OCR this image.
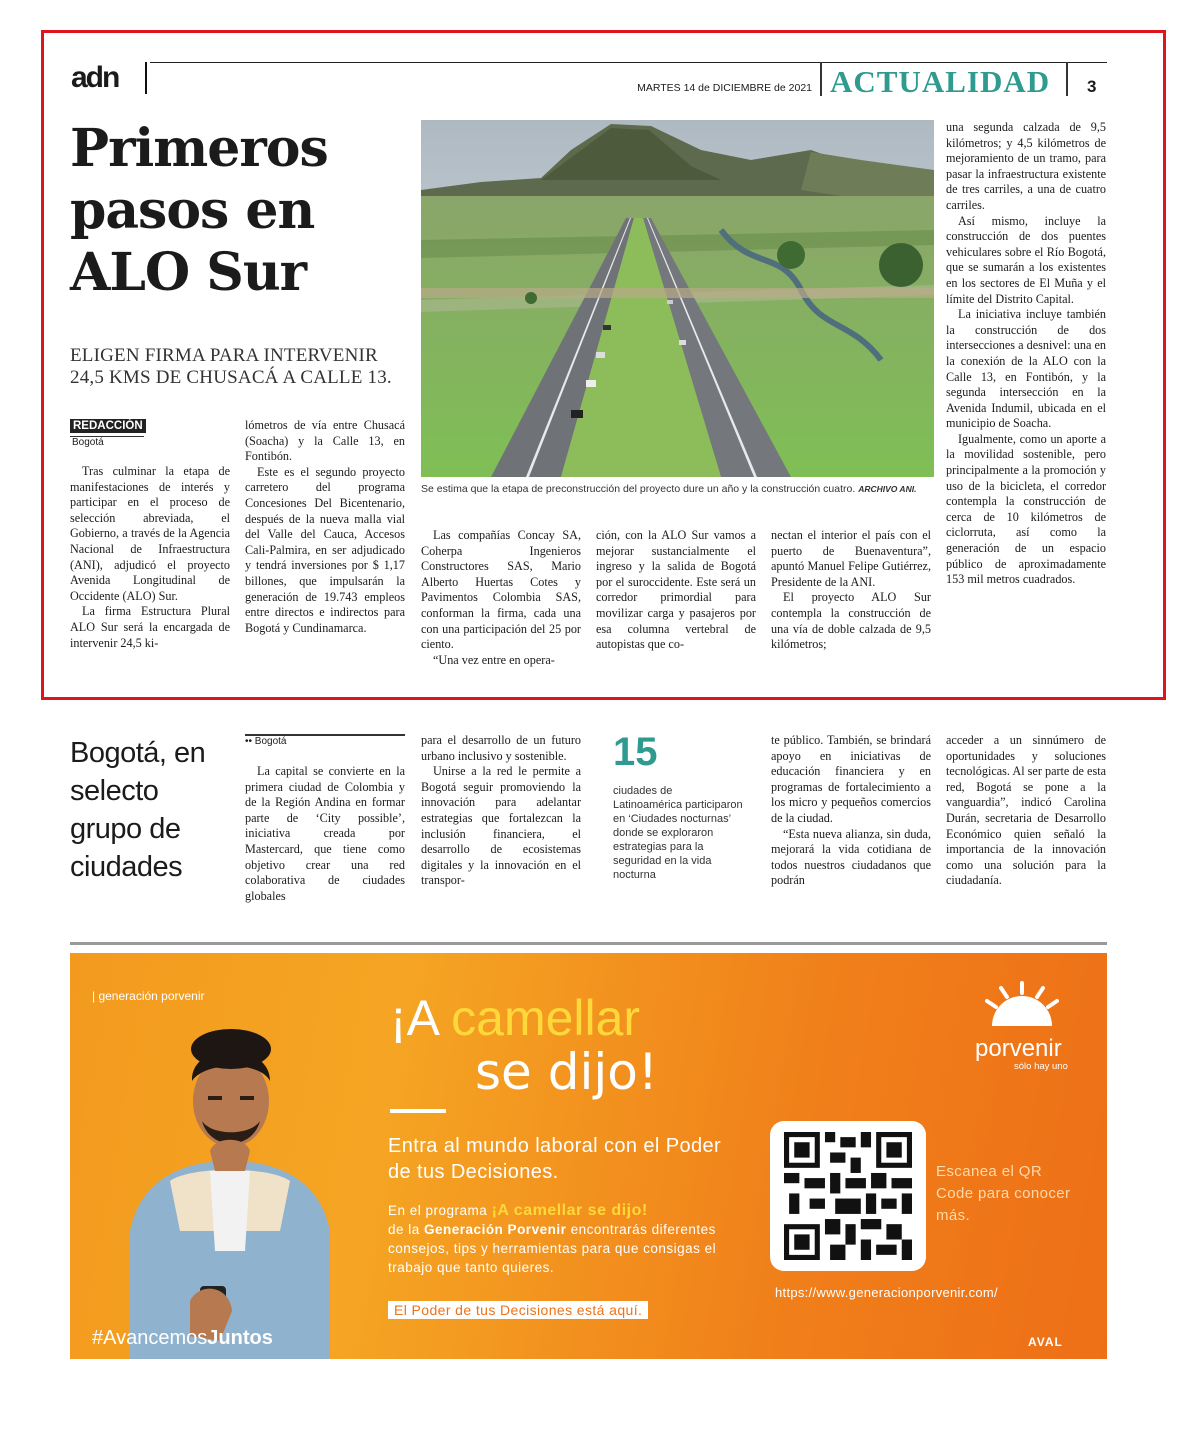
adn	MARTES 14 de DICIEMBRE de 2021 ACTUALIDAD 3
Primeros pasos en ALO Sur
ELIGEN FIRMA PARA INTERVENIR 24,5 KMS DE CHUSACÁ A CALLE 13.
REDACCIÓN
Bogotá

Tras culminar la etapa de manifestaciones de interés y participar en el proceso de selección abreviada, el Gobierno, a través de la Agencia Nacional de Infraestructura (ANI), adjudicó el proyecto Avenida Longitudinal de Occidente (ALO) Sur.

La firma Estructura Plural ALO Sur será la encargada de intervenir 24,5 ki-

lómetros de vía entre Chusacá (Soacha) y la Calle 13, en Fontibón.

Este es el segundo proyecto carretero del programa Concesiones Del Bicentenario, después de la nueva malla vial del Valle del Cauca, Accesos Cali-Palmira, en ser adjudicado y tendrá inversiones por $ 1,17 billones, que impulsarán la generación de 19.743 empleos entre directos e indirectos para Bogotá y Cundinamarca.

Se estima que la etapa de preconstrucción del proyecto dure un año y la construcción cuatro. ARCHIVO ANI.

Las compañías Concay SA, Coherpa Ingenieros Constructores SAS, Mario Alberto Huertas Cotes y Pavimentos Colombia SAS, conforman la firma, cada una con una participación del 25 por ciento.

“Una vez entre en opera-

ción, con la ALO Sur vamos a mejorar sustancialmente el ingreso y la salida de Bogotá por el suroccidente. Este será un corredor primordial para movilizar carga y pasajeros por esa columna vertebral de autopistas que co-

nectan el interior el país con el puerto de Buenaventura”, apuntó Manuel Felipe Gutiérrez, Presidente de la ANI.

El proyecto ALO Sur contempla la construcción de una vía de doble calzada de 9,5 kilómetros;

una segunda calzada de 9,5 kilómetros; y 4,5 kilómetros de mejoramiento de un tramo, para pasar la infraestructura existente de tres carriles, a una de cuatro carriles.

Así mismo, incluye la construcción de dos puentes vehiculares sobre el Río Bogotá, que se sumarán a los existentes en los sectores de El Muña y el límite del Distrito Capital.

La iniciativa incluye también la construcción de dos intersecciones a desnivel: una en la conexión de la ALO con la Calle 13, en Fontibón, y la segunda intersección en la Avenida Indumil, ubicada en el municipio de Soacha.

Igualmente, como un aporte a la movilidad sostenible, pero principalmente a la promoción y uso de la bicicleta, el corredor contempla la construcción de cerca de 10 kilómetros de ciclorruta, así como la generación de un espacio público de aproximadamente 153 mil metros cuadrados.

Bogotá, en selecto grupo de ciudades
•• Bogotá

La capital se convierte en la primera ciudad de Colombia y de la Región Andina en formar parte de ‘City possible’, iniciativa creada por Mastercard, que tiene como objetivo crear una red colaborativa de ciudades globales

para el desarrollo de un futuro urbano inclusivo y sostenible.

Unirse a la red le permite a Bogotá seguir promoviendo la innovación para adelantar estrategias que fortalezcan la inclusión financiera, el desarrollo de ecosistemas digitales y la innovación en el transpor-

15
ciudades de Latinoamérica participaron en ‘Ciudades nocturnas’ donde se exploraron estrategias para la seguridad en la vida nocturna

te público. También, se brindará apoyo en iniciativas de educación financiera y en programas de fortalecimiento a los micro y pequeños comercios de la ciudad.

“Esta nueva alianza, sin duda, mejorará la vida cotidiana de todos nuestros ciudadanos que podrán

acceder a un sinnúmero de oportunidades y soluciones tecnológicas. Al ser parte de esta red, Bogotá se pone a la vanguardia”, indicó Carolina Durán, secretaria de Desarrollo Económico quien señaló la importancia de la innovación como una solución para la ciudadanía.

| generación porvenir	¡A camellar
se dijo!
Entra al mundo laboral con el Poder de tus Decisiones.
En el programa ¡A camellar se dijo!
de la Generación Porvenir encontrarás diferentes consejos, tips y herramientas para que consigas el trabajo que tanto quieres.
El Poder de tus Decisiones está aquí.
#AvancemosJuntos
Escanea el QR Code para conocer más.
https://www.generacionporvenir.com/
porvenir
sólo hay uno
AVAL
